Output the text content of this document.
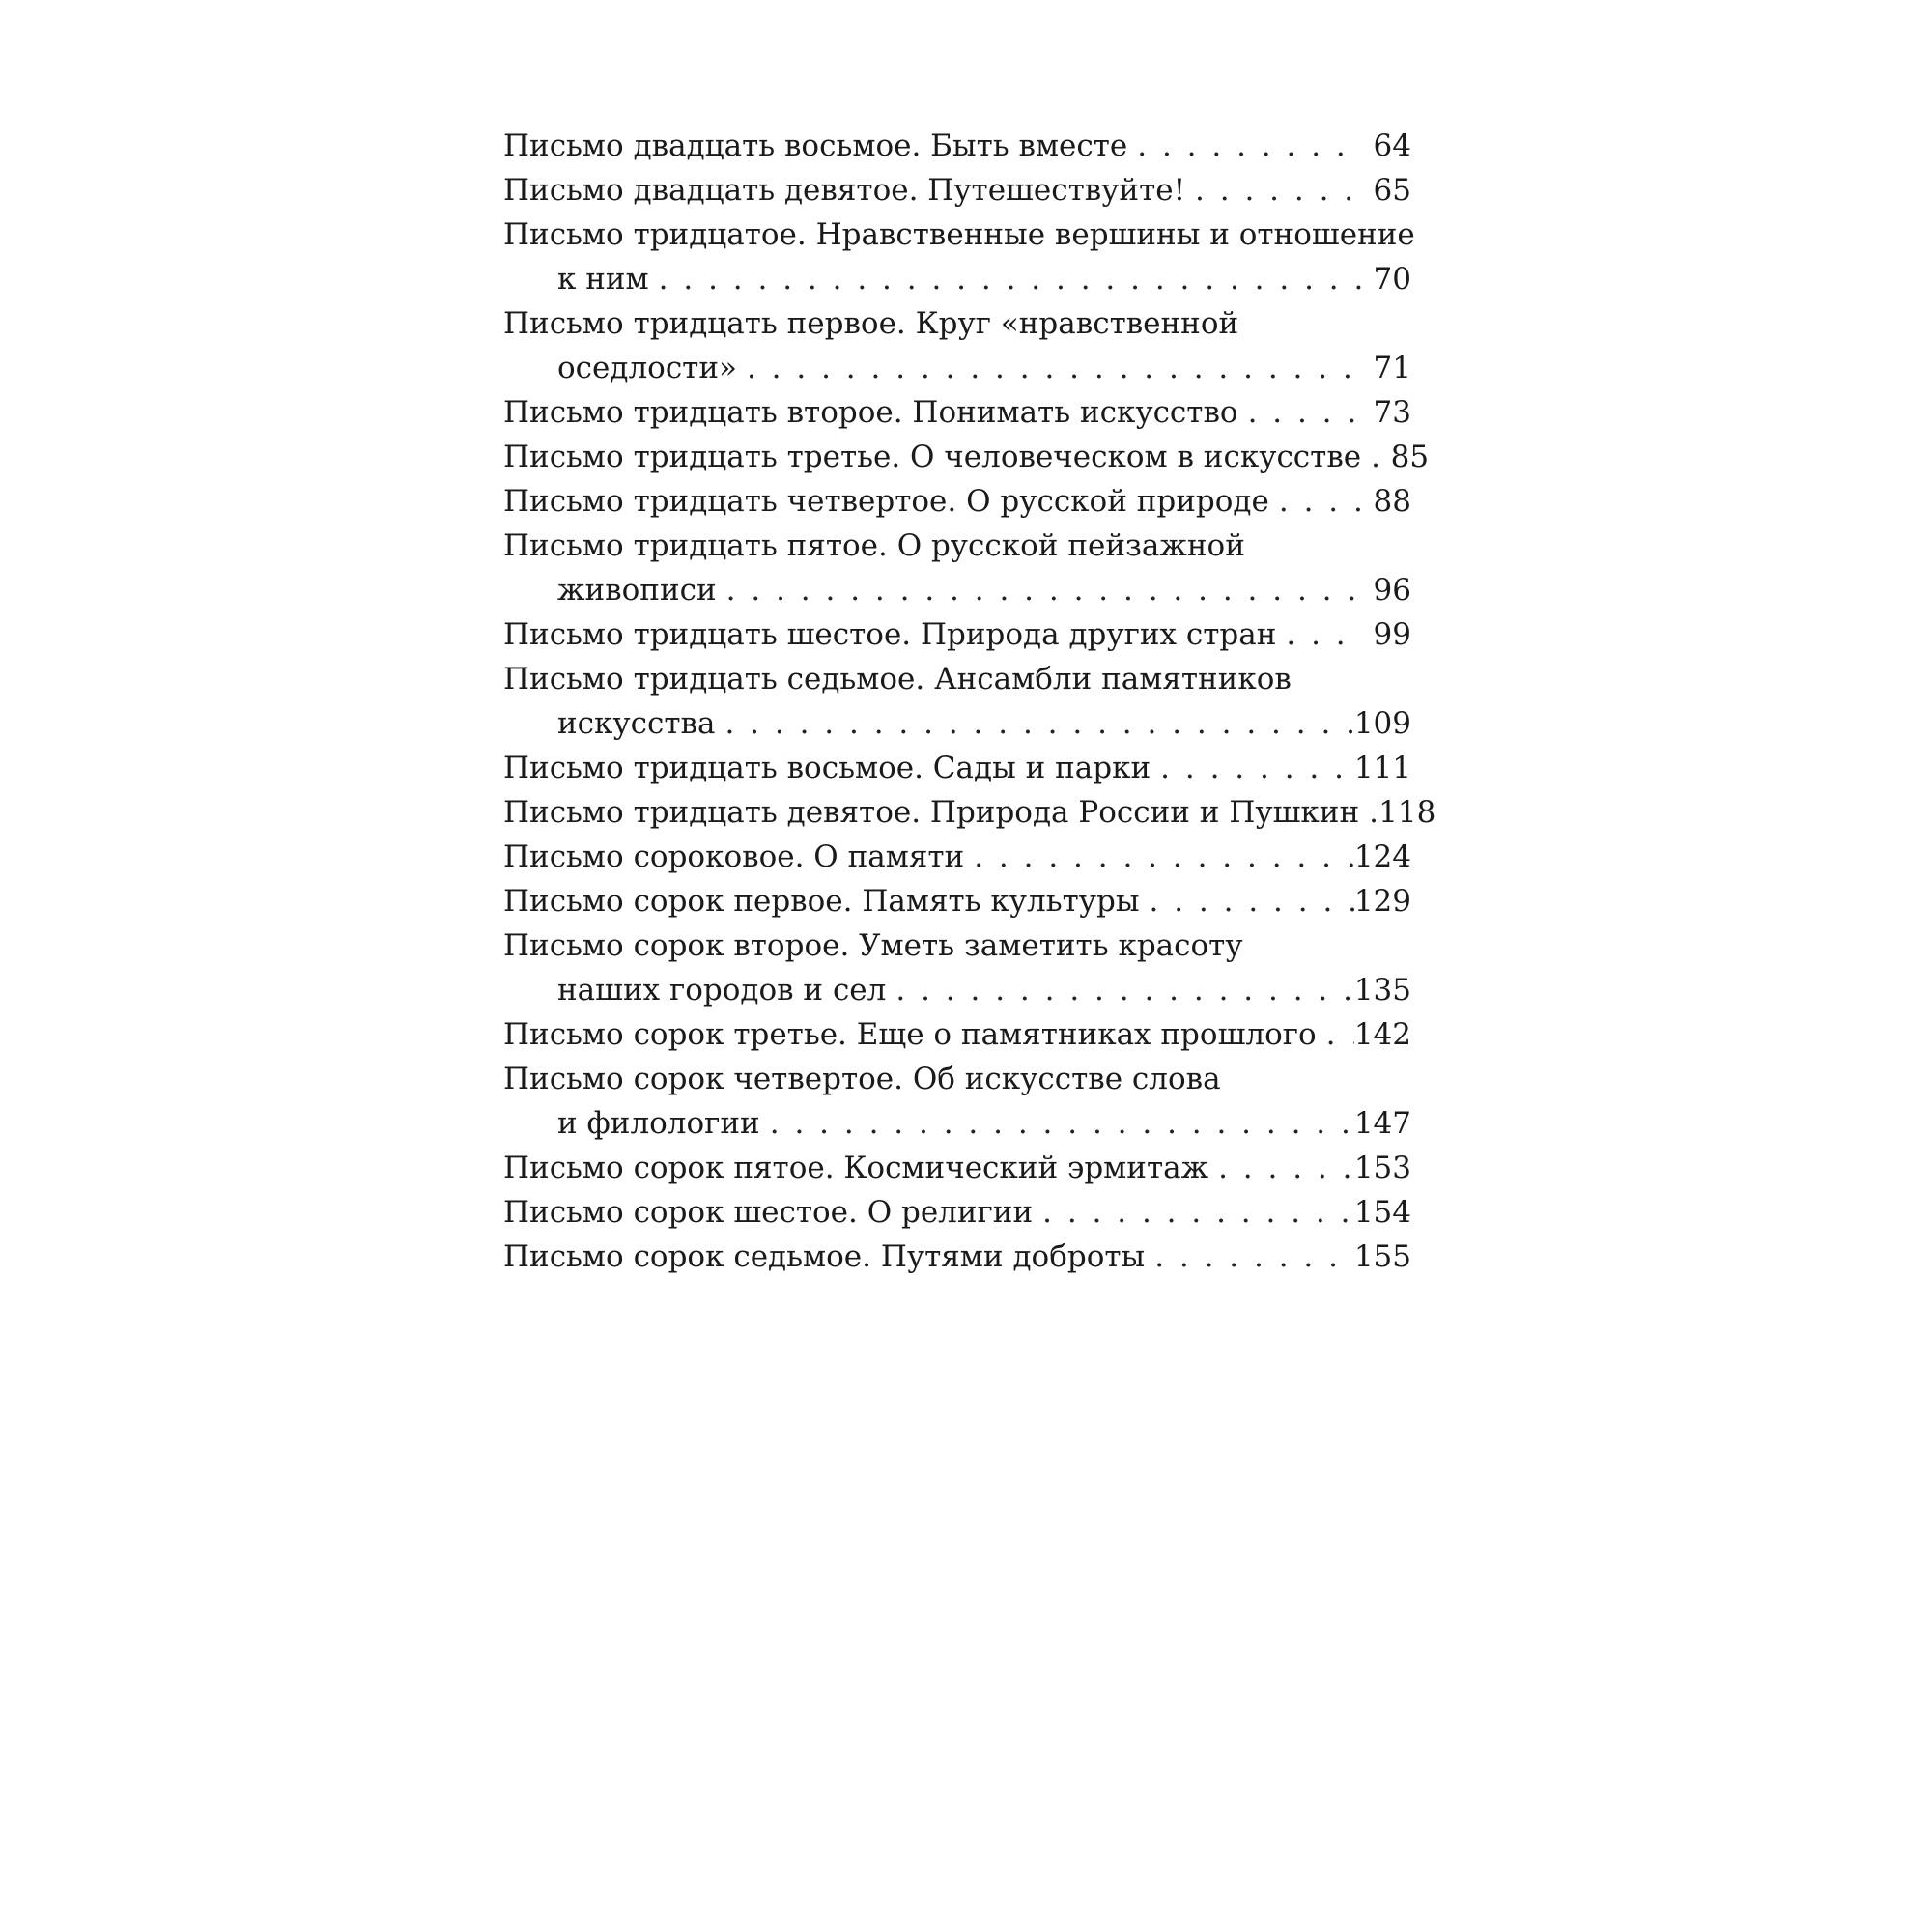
Письмо двадцать восьмое. Быть вместе . . .	64
Письмо двадцать девятое. Путешествуйте! . . .	65
Письмо тридцатое. Нравственные вершины и отношение
к ним . . .	70
Письмо тридцать первое. Круг «нравственной
оседлости» . . .	71
Письмо тридцать второе. Понимать искусство . . .	73
Письмо тридцать третье. О человеческом в искусстве . . . 85
Письмо тридцать четвертое. О русской природе . . .	88
Письмо тридцать пятое. О русской пейзажной
живописи . . .	96
Письмо тридцать шестое. Природа других стран . . .	99
Письмо тридцать седьмое. Ансамбли памятников
искусства . . .	109
Письмо тридцать восьмое. Сады и парки . . .	111
Письмо тридцать девятое. Природа России и Пушкин . . . 118
Письмо сороковое. О памяти . . .	124
Письмо сорок первое. Память культуры . . .	129
Письмо сорок второе. Уметь заметить красоту
наших городов и сел . . .	135
Письмо сорок третье. Еще о памятниках прошлого . . . 142
Письмо сорок четвертое. Об искусстве слова
и филологии . . .	147
Письмо сорок пятое. Космический эрмитаж . . .	153
Письмо сорок шестое. О религии . . .	154
Письмо сорок седьмое. Путями доброты . . .	155
